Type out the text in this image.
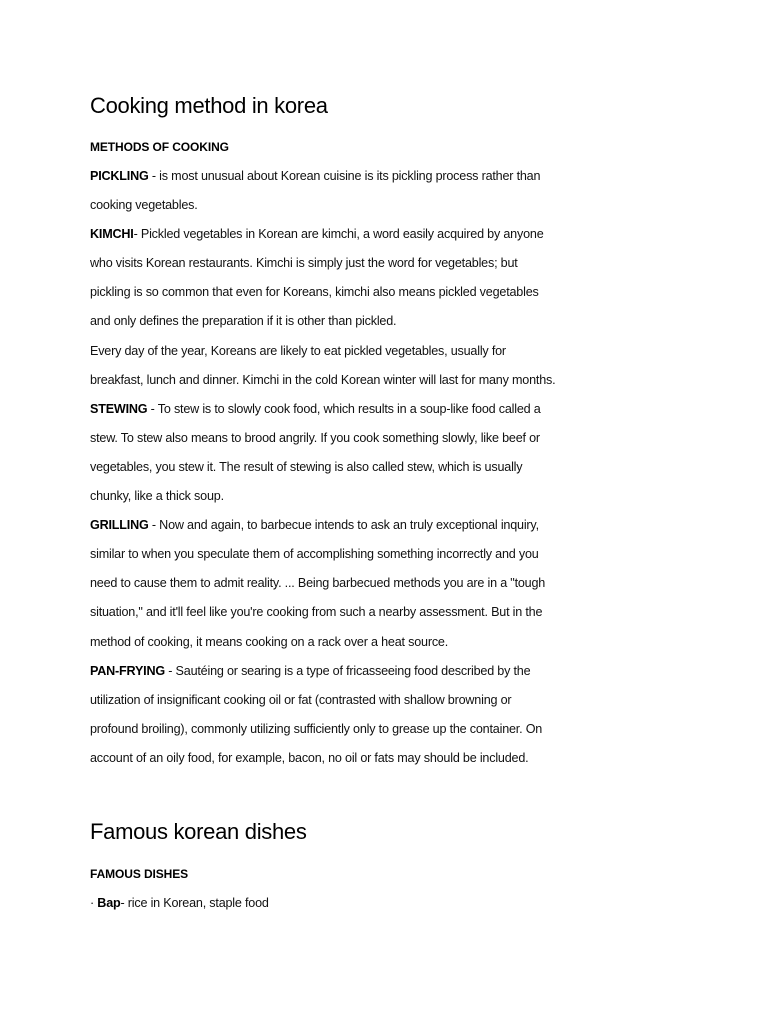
Cooking method in korea
METHODS OF COOKING
PICKLING - is most unusual about Korean cuisine is its pickling process rather than
cooking vegetables.
KIMCHI- Pickled vegetables in Korean are kimchi, a word easily acquired by anyone
who visits Korean restaurants. Kimchi is simply just the word for vegetables; but
pickling is so common that even for Koreans, kimchi also means pickled vegetables
and only defines the preparation if it is other than pickled.
Every day of the year, Koreans are likely to eat pickled vegetables, usually for
breakfast, lunch and dinner. Kimchi in the cold Korean winter will last for many months.
STEWING - To stew is to slowly cook food, which results in a soup-like food called a
stew. To stew also means to brood angrily. If you cook something slowly, like beef or
vegetables, you stew it. The result of stewing is also called stew, which is usually
chunky, like a thick soup.
GRILLING - Now and again, to barbecue intends to ask an truly exceptional inquiry,
similar to when you speculate them of accomplishing something incorrectly and you
need to cause them to admit reality. ... Being barbecued methods you are in a "tough
situation," and it'll feel like you're cooking from such a nearby assessment. But in the
method of cooking, it means cooking on a rack over a heat source.
PAN-FRYING - Sautéing or searing is a type of fricasseeing food described by the
utilization of insignificant cooking oil or fat (contrasted with shallow browning or
profound broiling), commonly utilizing sufficiently only to grease up the container. On
account of an oily food, for example, bacon, no oil or fats may should be included.
Famous korean dishes
FAMOUS DISHES
· Bap- rice in Korean, staple food
